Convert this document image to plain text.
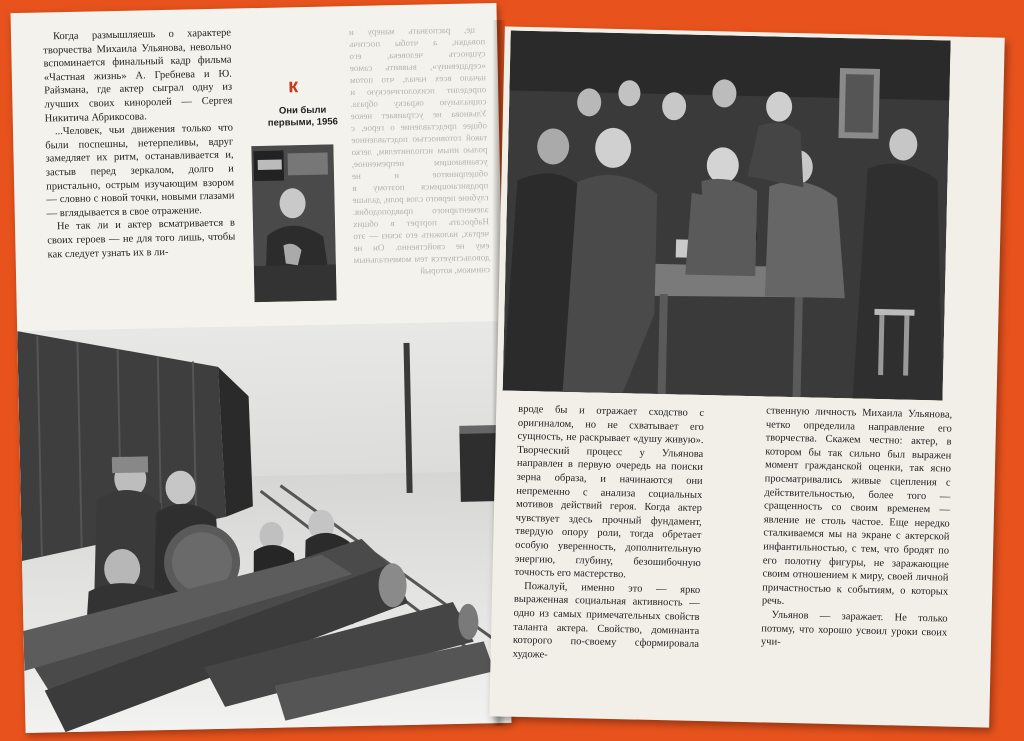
Когда размышляешь о характере творчества Михаила Ульянова, невольно вспоминается финальный кадр фильма «Частная жизнь» А. Гребнева и Ю. Райзмана, где актер сыграл одну из лучших своих киноролей — Сергея Никитича Абрикосова.

...Человек, чьи движения только что были поспешны, нетерпеливы, вдруг замедляет их ритм, останавливается и, застыв перед зеркалом, долго и пристально, острым изучающим взором — словно с новой точки, новыми глазами — вглядывается в свое отражение.

Не так ли и актер всматривается в своих героев — не для того лишь, чтобы как следует узнать их в ли-

к
Они были первыми, 1956

це, распознать манеру и повадки, а чтобы постичь сущность человека, его «сердцевину», выявить самое начало всех начал, что потом определит психологическую и социальную окраску образа. Ульянова не устраивает некое общее представление о герое, с такой готовностью подставленное ролью иным исполнителям, легко усваивающим непременное, общепринятое и не продвигающимся поэтому в глубине первого слоя роли, дальше элементарного правдоподобия. Набросать портрет в общих чертах, наложить его эскиз — это ему не свойственно. Он не довольствуется тем моментальным снимком, который

вроде бы и отражает сходство с оригиналом, но не схватывает его сущность, не раскрывает «душу живую». Творческий процесс у Ульянова направлен в первую очередь на поиски зерна образа, и начинаются они непременно с анализа социальных мотивов действий героя. Когда актер чувствует здесь прочный фундамент, твердую опору роли, тогда обретает особую уверенность, дополнительную энергию, глубину, безошибочную точность его мастерство.

Пожалуй, именно это — ярко выраженная социальная активность — одно из самых примечательных свойств таланта актера. Свойство, доминанта которого по-своему сформировала художе-

ственную личность Михаила Ульянова, четко определила направление его творчества. Скажем честно: актер, в котором бы так сильно был выражен момент гражданской оценки, так ясно просматривались живые сцепления с действительностью, более того — сращенность со своим временем — явление не столь частое. Еще нередко сталкиваемся мы на экране с актерской инфантильностью, с тем, что бродят по его полотну фигуры, не заражающие своим отношением к миру, своей личной причастностью к событиям, о которых речь.

Ульянов — заражает. Не только потому, что хорошо усвоил уроки своих учи-
